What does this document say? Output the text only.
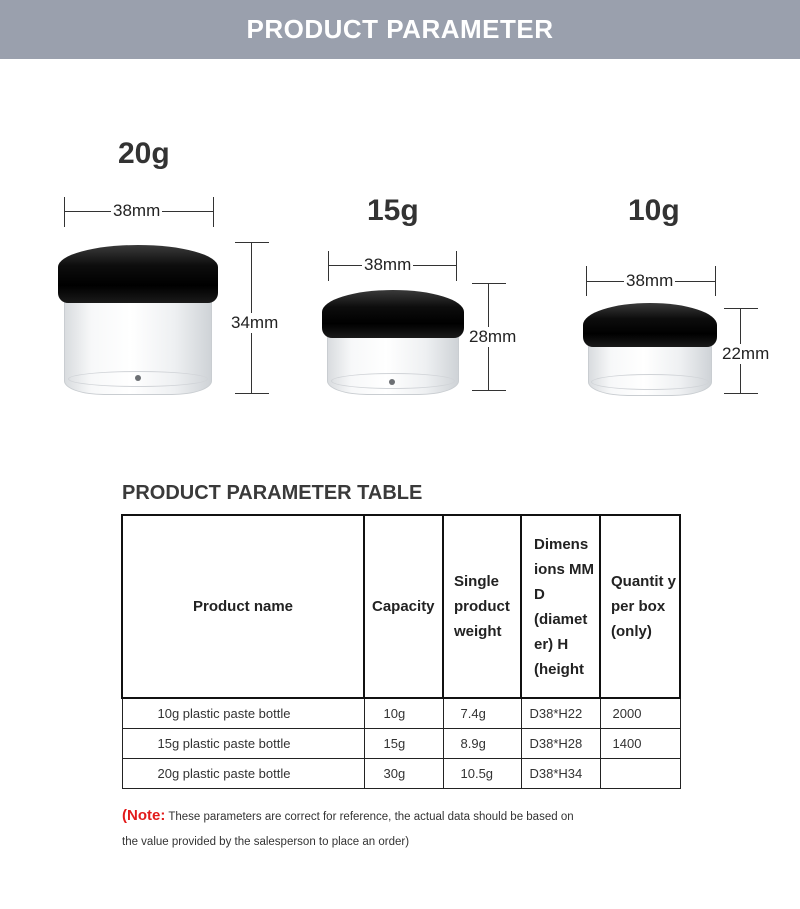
PRODUCT PARAMETER
20g
38mm
34mm
15g
38mm
28mm
10g
38mm
22mm
PRODUCT PARAMETER TABLE
Product name	Capacity	Single product weight	Dimens ions MM D (diamet er) H (height	Quantit y per box (only)
10g plastic paste bottle	10g	7.4g	D38*H22	2000
15g plastic paste bottle	15g	8.9g	D38*H28	1400
20g plastic paste bottle	30g	10.5g	D38*H34	
(Note: These parameters are correct for reference, the actual data should be based on the value provided by the salesperson to place an order)
